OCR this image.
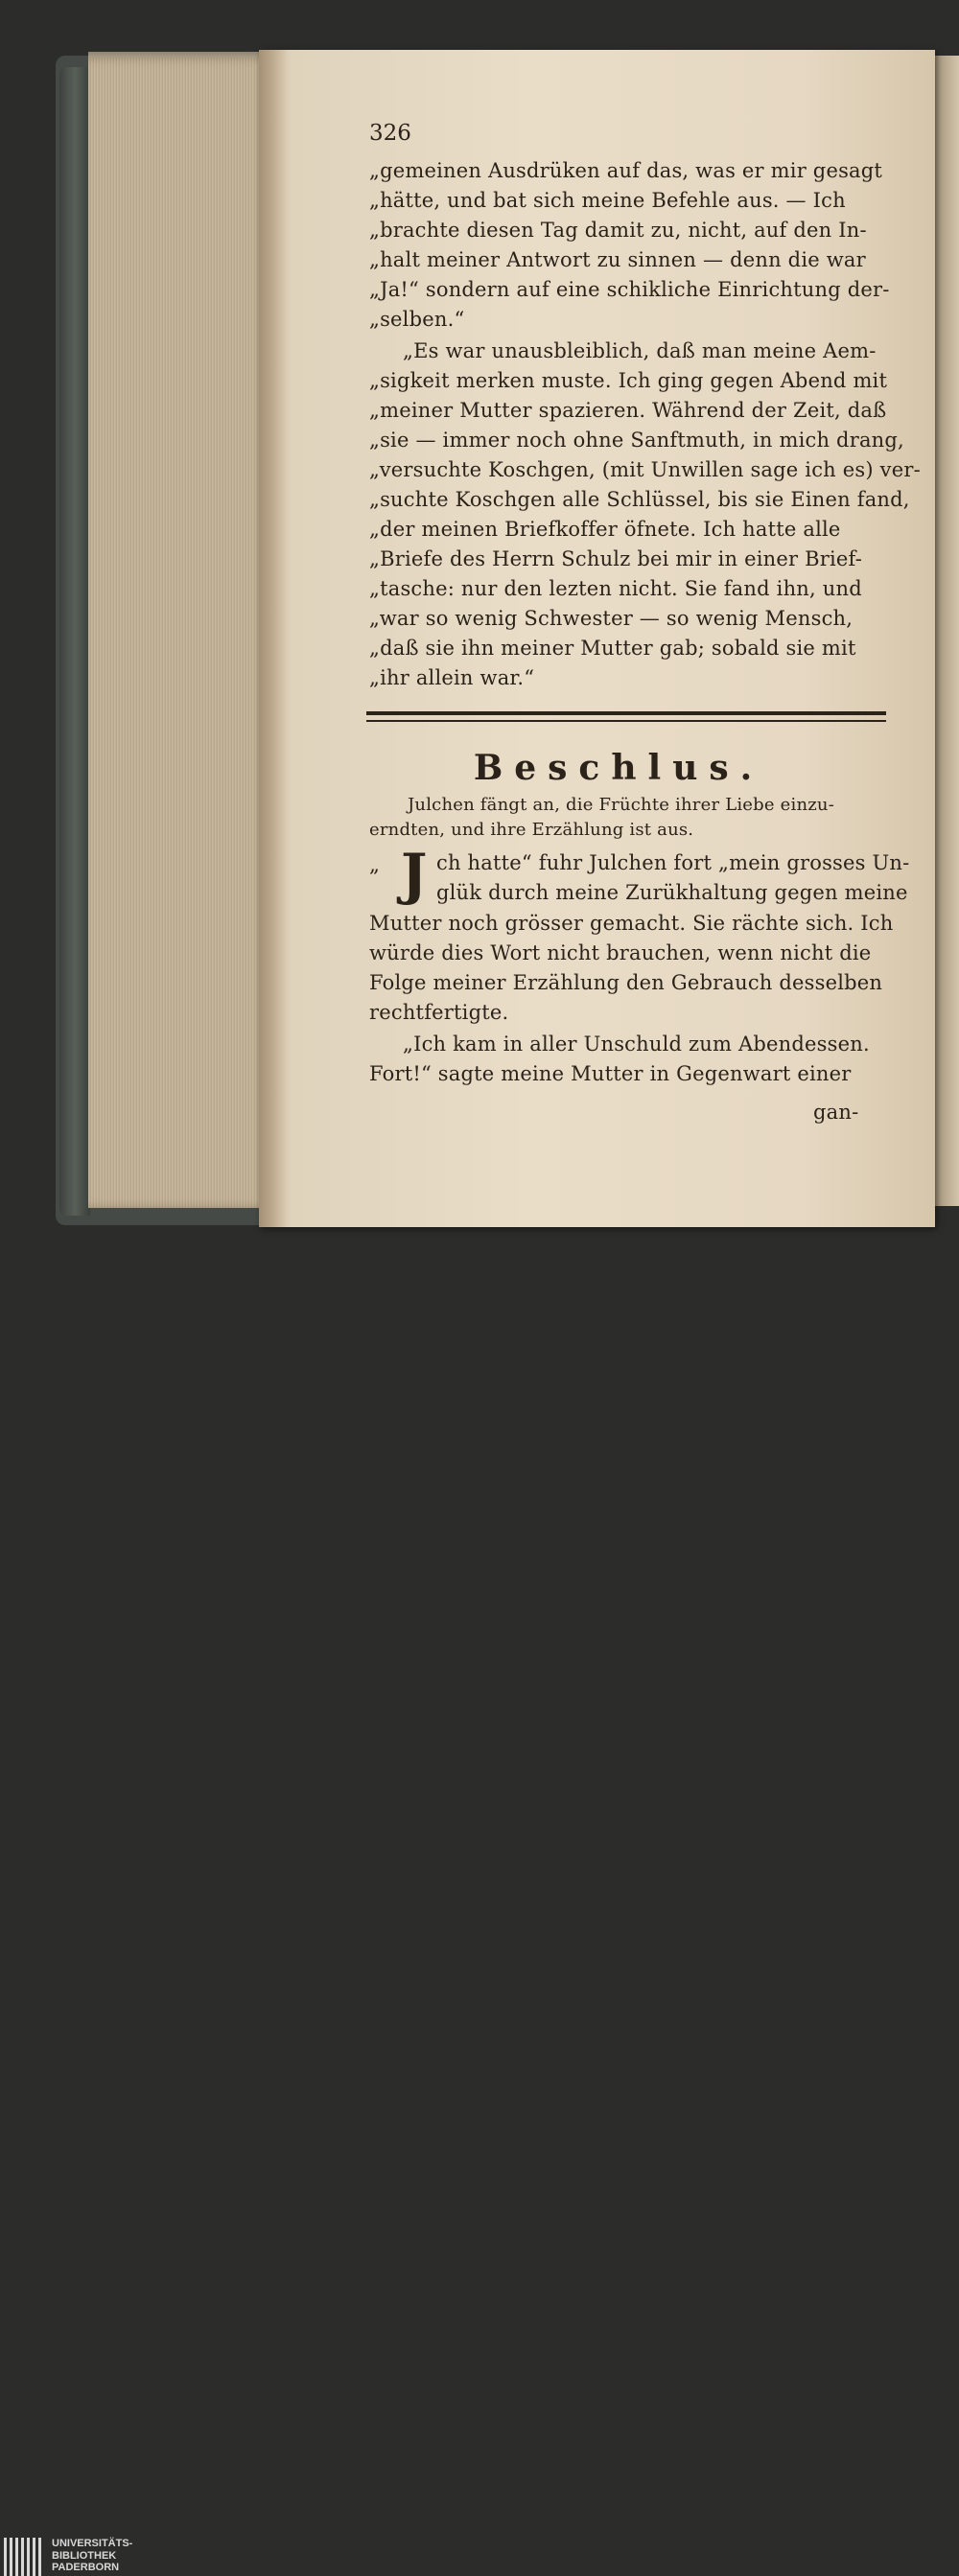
326
„gemeinen Ausdrüken auf das, was er mir gesagt
„hätte, und bat sich meine Befehle aus. — Ich
„brachte diesen Tag damit zu, nicht, auf den In-
„halt meiner Antwort zu sinnen — denn die war
„Ja!“ sondern auf eine schikliche Einrichtung der-
„selben.“
„Es war unausbleiblich, daß man meine Aem-
„sigkeit merken muste. Ich ging gegen Abend mit
„meiner Mutter spazieren. Während der Zeit, daß
„sie — immer noch ohne Sanftmuth, in mich drang,
„versuchte Koschgen, (mit Unwillen sage ich es) ver-
„suchte Koschgen alle Schlüssel, bis sie Einen fand,
„der meinen Briefkoffer öfnete. Ich hatte alle
„Briefe des Herrn Schulz bei mir in einer Brief-
„tasche: nur den lezten nicht. Sie fand ihn, und
„war so wenig Schwester — so wenig Mensch,
„daß sie ihn meiner Mutter gab; sobald sie mit
„ihr allein war.“
Beschlus.
Julchen fängt an, die Früchte ihrer Liebe einzu-
erndten, und ihre Erzählung ist aus.
„ J ch hatte“ fuhr Julchen fort „mein grosses Un-
glük durch meine Zurükhaltung gegen meine
Mutter noch grösser gemacht. Sie rächte sich. Ich
würde dies Wort nicht brauchen, wenn nicht die
Folge meiner Erzählung den Gebrauch desselben
rechtfertigte.
„Ich kam in aller Unschuld zum Abendessen.
Fort!“ sagte meine Mutter in Gegenwart einer
gan-
UNIVERSITÄTS-
BIBLIOTHEK
PADERBORN
